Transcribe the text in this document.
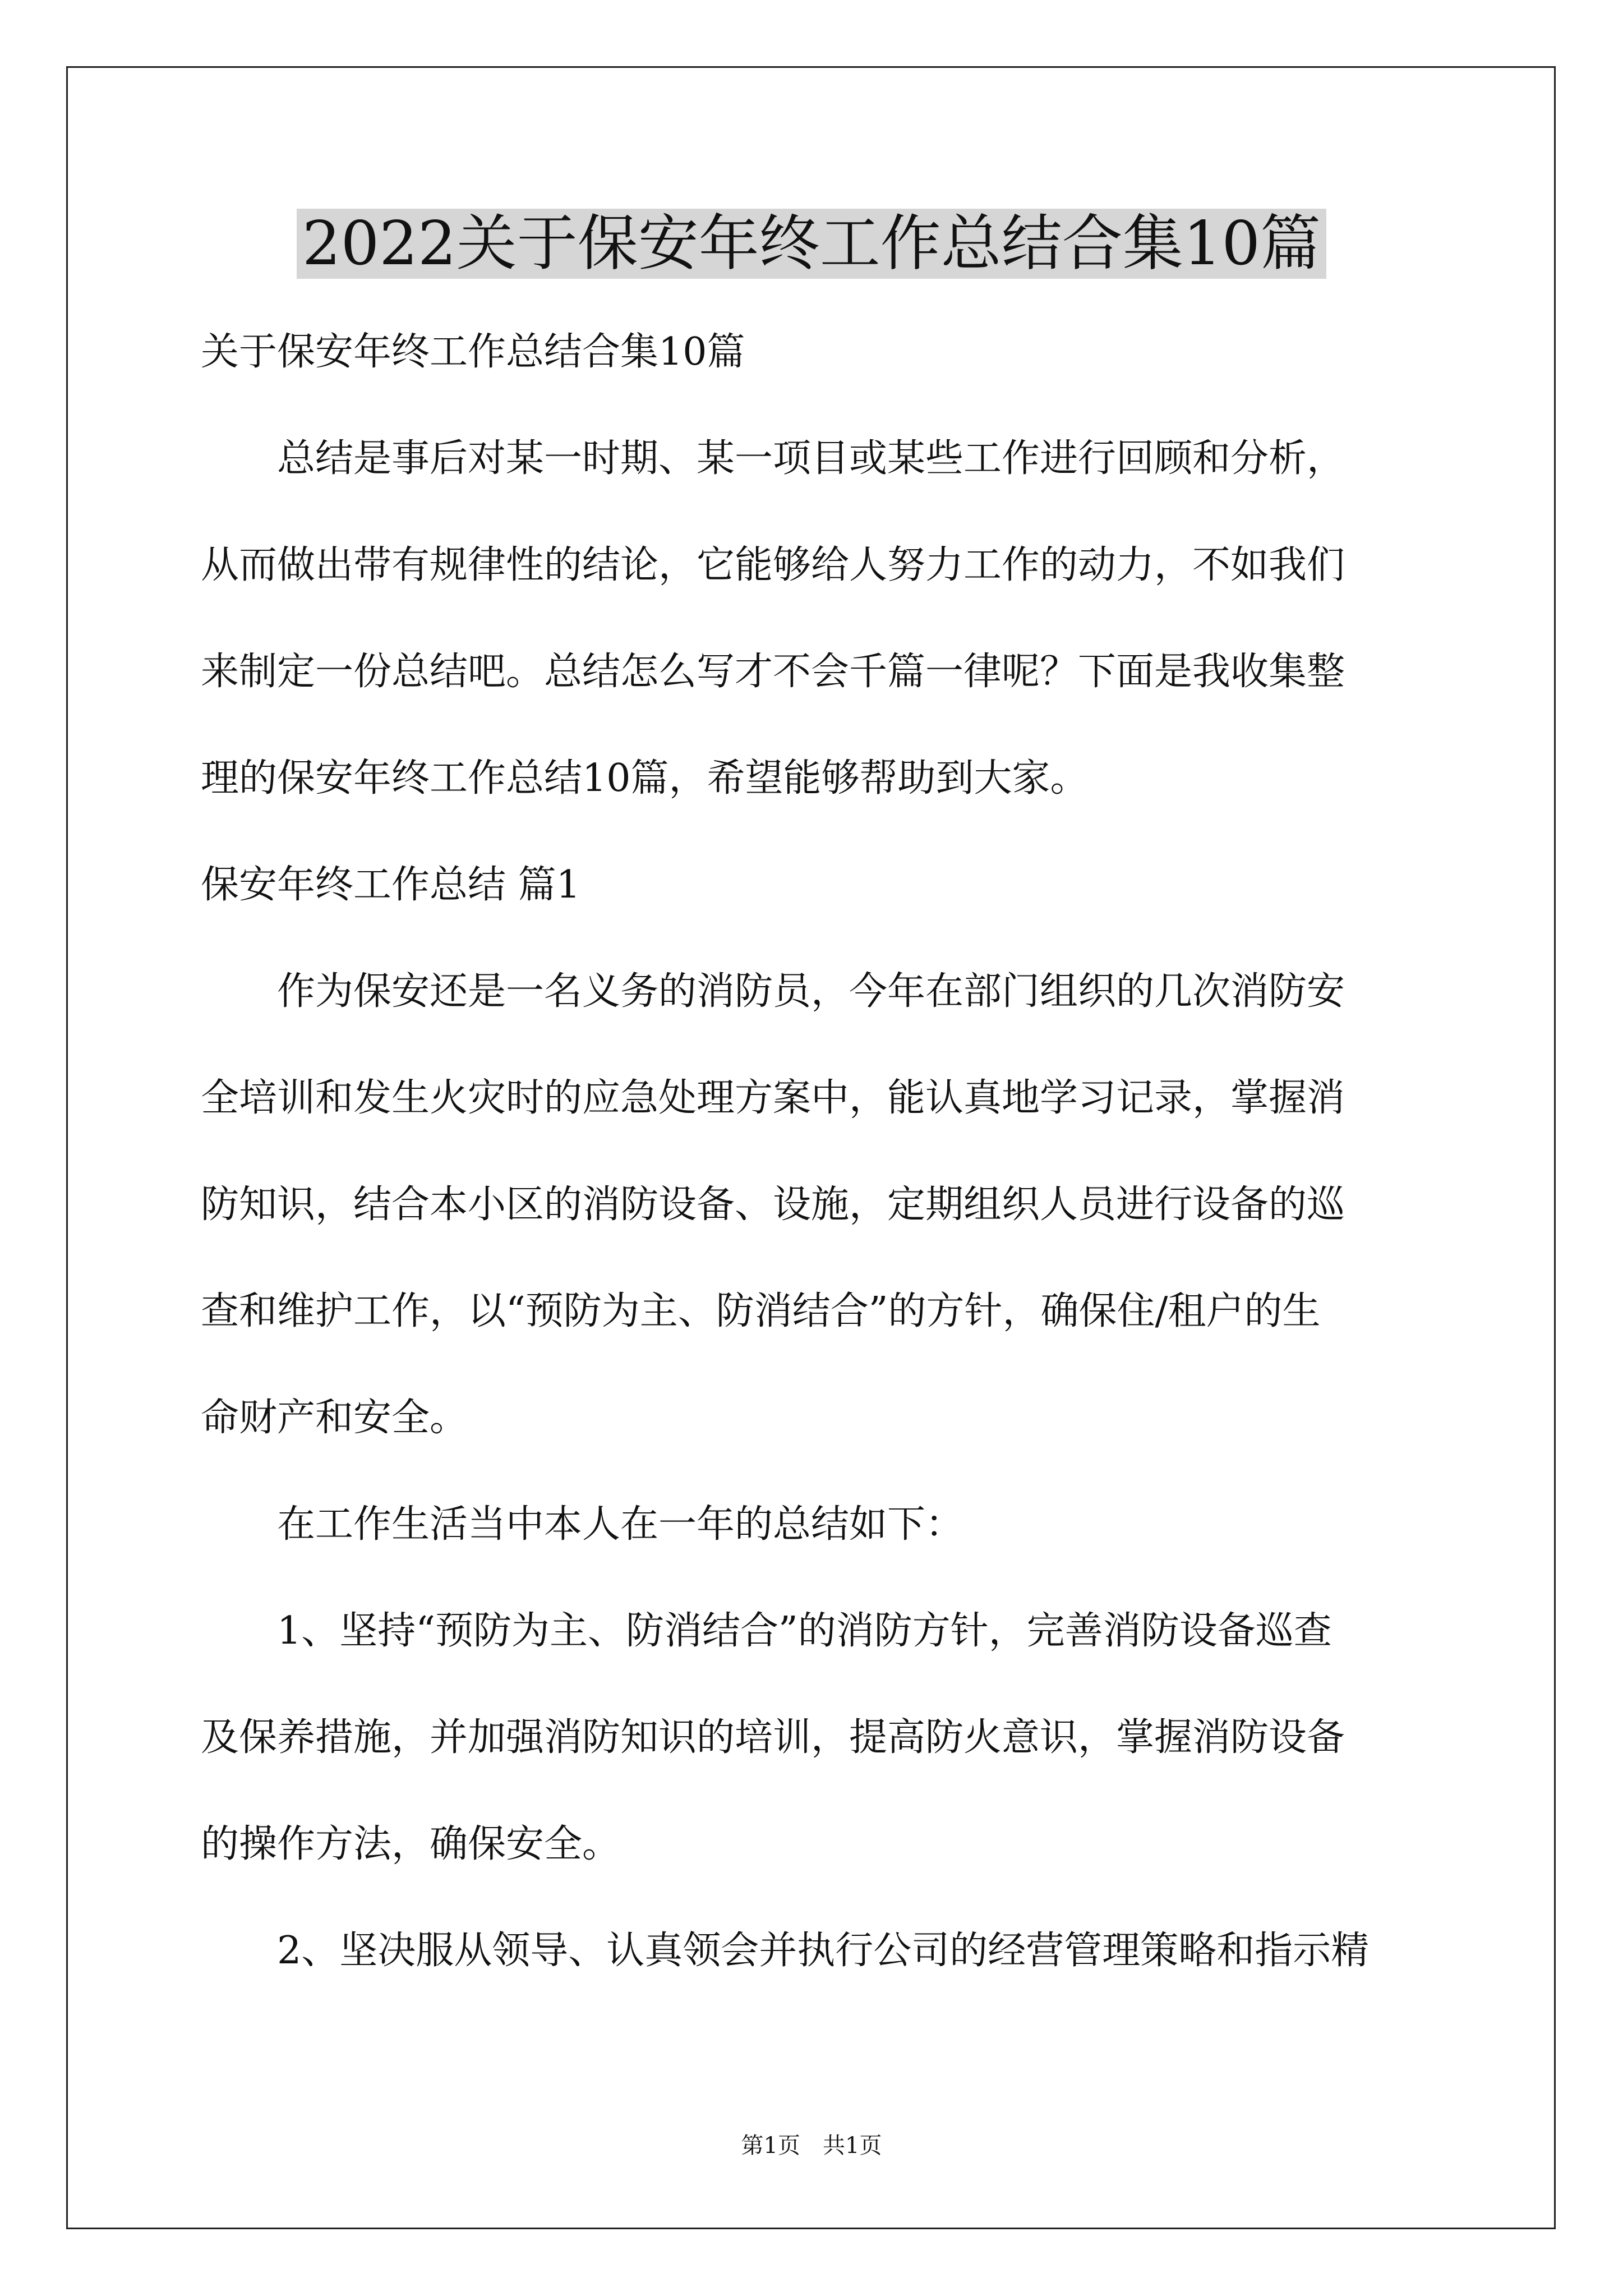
2022关于保安年终工作总结合集10篇
关于保安年终工作总结合集10篇
　　总结是事后对某一时期、某一项目或某些工作进行回顾和分析，
从而做出带有规律性的结论，它能够给人努力工作的动力，不如我们
来制定一份总结吧。总结怎么写才不会千篇一律呢？下面是我收集整
理的保安年终工作总结10篇，希望能够帮助到大家。
保安年终工作总结 篇1
　　作为保安还是一名义务的消防员，今年在部门组织的几次消防安
全培训和发生火灾时的应急处理方案中，能认真地学习记录，掌握消
防知识，结合本小区的消防设备、设施，定期组织人员进行设备的巡
查和维护工作，以“预防为主、防消结合”的方针，确保住/租户的生
命财产和安全。
　　在工作生活当中本人在一年的总结如下：
　　1、坚持“预防为主、防消结合”的消防方针，完善消防设备巡查
及保养措施，并加强消防知识的培训，提高防火意识，掌握消防设备
的操作方法，确保安全。
　　2、坚决服从领导、认真领会并执行公司的经营管理策略和指示精
第1页　共1页
